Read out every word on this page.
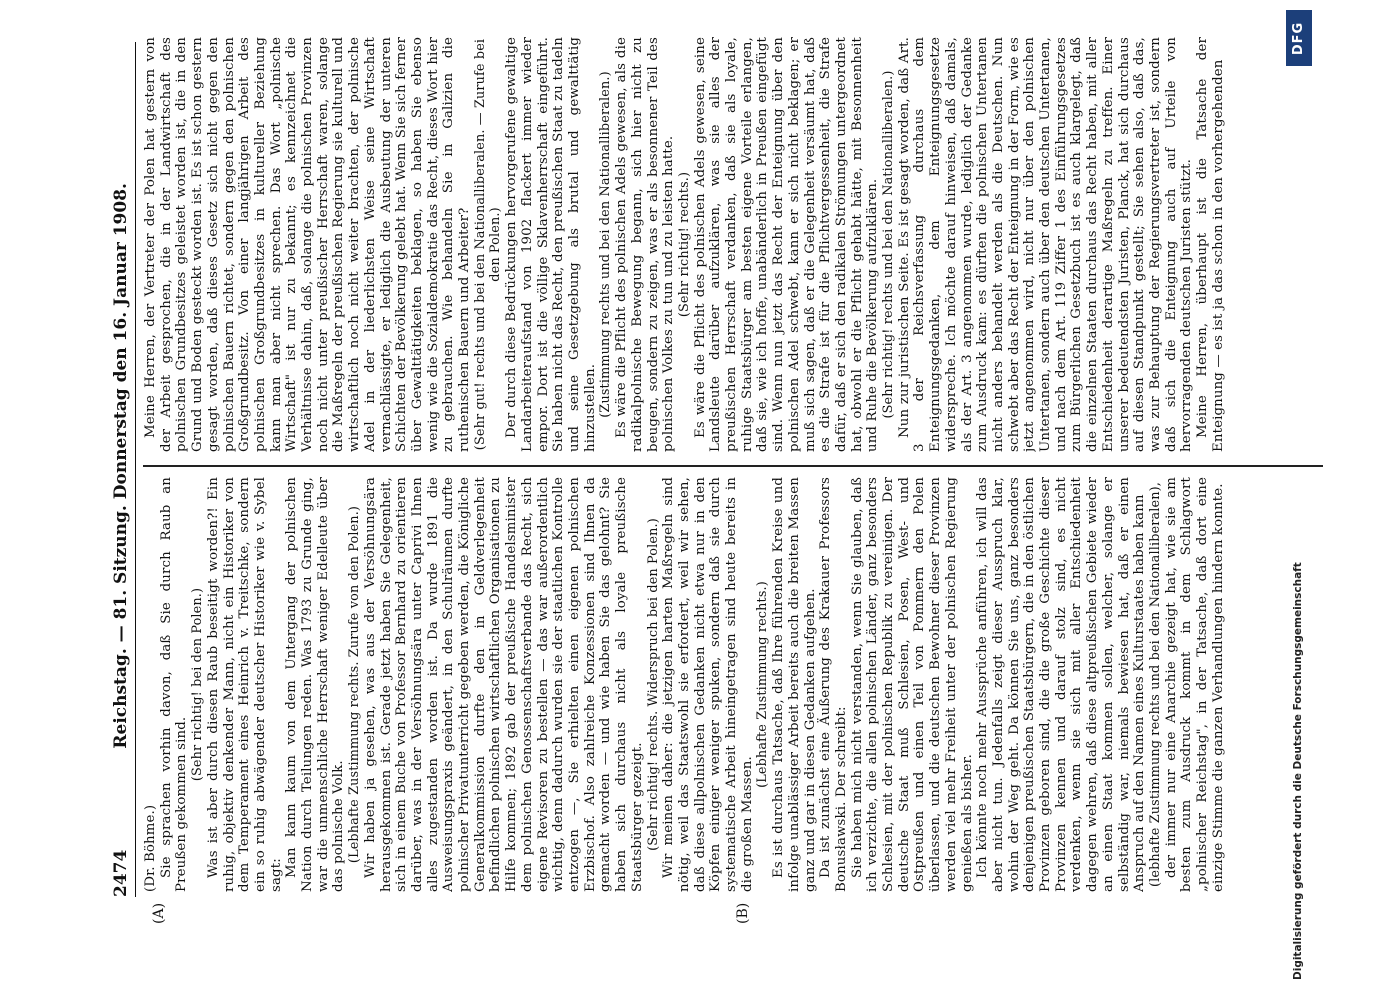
2474
Reichstag. — 81. Sitzung. Donnerstag den 16. Januar 1908.
(A)	(B)

(Dr. Böhme.) Sie sprachen vorhin davon, daß Sie durch Raub an Preußen gekommen sind.

(Sehr richtig! bei den Polen.) Was ist aber durch diesen Raub beseitigt worden?! Ein ruhig, objektiv denkender Mann, nicht ein Historiker von dem Temperament eines Heinrich v. Treitschke, sondern ein so ruhig abwägender deutscher Historiker wie v. Sybel sagt: Man kann kaum von dem Untergang der polnischen Nation durch Teilungen reden. Was 1793 zu Grunde ging, war die unmenschliche Herrschaft weniger Edelleute über das polnische Volk. (Lebhafte Zustimmung rechts. Zurufe von den Polen.) Wir haben ja gesehen, was aus der Versöhnungsära herausgekommen ist. Gerade jetzt haben Sie Gelegenheit, sich in einem Buche von Professor Bernhard zu orientieren darüber, was in der Versöhnungsära unter Caprivi Ihnen alles zugestanden worden ist. Da wurde 1891 die Ausweisungspraxis geändert, in den Schulräumen durfte polnischer Privatunterricht gegeben werden, die Königliche Generalkommission durfte den in Geldverlegenheit befindlichen polnischen wirtschaftlichen Organisationen zu Hilfe kommen; 1892 gab der preußische Handelsminister dem polnischen Genossenschaftsverbande das Recht, sich eigene Revisoren zu bestellen — das war außerordentlich wichtig, denn dadurch wurden sie der staatlichen Kontrolle entzogen —, Sie erhielten einen eigenen polnischen Erzbischof. Also zahlreiche Konzessionen sind Ihnen da gemacht worden — und wie haben Sie das gelohnt? Sie haben sich durchaus nicht als loyale preußische Staatsbürger gezeigt. (Sehr richtig! rechts. Widerspruch bei den Polen.) Wir meinen daher: die jetzigen harten Maßregeln sind nötig, weil das Staatswohl sie erfordert, weil wir sehen, daß diese allpolnischen Gedanken nicht etwa nur in den Köpfen einiger weniger spuken, sondern daß sie durch systematische Arbeit hineingetragen sind heute bereits in die großen Massen.

(Lebhafte Zustimmung rechts.) Es ist durchaus Tatsache, daß Ihre führenden Kreise und infolge unablässiger Arbeit bereits auch die breiten Massen ganz und gar in diesen Gedanken aufgehen. Da ist zunächst eine Äußerung des Krakauer Professors Bonusławski. Der schreibt: Sie haben mich nicht verstanden, wenn Sie glauben, daß ich verzichte, die allen polnischen Länder, ganz besonders Schlesien, mit der polnischen Republik zu vereinigen. Der deutsche Staat muß Schlesien, Posen, West- und Ostpreußen und einen Teil von Pommern den Polen überlassen, und die deutschen Bewohner dieser Provinzen werden viel mehr Freiheit unter der polnischen Regierung genießen als bisher. Ich könnte noch mehr Aussprüche anführen, ich will das aber nicht tun. Jedenfalls zeigt dieser Ausspruch klar, wohin der Weg geht. Da können Sie uns, ganz besonders denjenigen preußischen Staatsbürgern, die in den östlichen Provinzen geboren sind, die die große Geschichte dieser Provinzen kennen und darauf stolz sind, es nicht verdenken, wenn sie sich mit aller Entschiedenheit dagegen wehren, daß diese altpreußischen Gebiete wieder an einen Staat kommen sollen, welcher, solange er selbständig war, niemals bewiesen hat, daß er einen Anspruch auf den Namen eines Kulturstaates haben kann (lebhafte Zustimmung rechts und bei den Nationalliberalen), der immer nur eine Anarchie gezeigt hat, wie sie am besten zum Ausdruck kommt in dem Schlagwort „polnischer Reichstag", in der Tatsache, daß dort eine einzige Stimme die ganzen Verhandlungen hindern konnte.

Meine Herren, der Vertreter der Polen hat gestern von der Arbeit gesprochen, die in der Landwirtschaft des polnischen Grundbesitzes geleistet worden ist, die in den Grund und Boden gesteckt worden ist. Es ist schon gestern gesagt worden, daß dieses Gesetz sich nicht gegen den polnischen Bauern richtet, sondern gegen den polnischen Großgrundbesitz. Von einer langjährigen Arbeit des polnischen Großgrundbesitzes in kultureller Beziehung kann man aber nicht sprechen. Das Wort „polnische Wirtschaft" ist nur zu bekannt; es kennzeichnet die Verhältnisse dahin, daß, solange die polnischen Provinzen noch nicht unter preußischer Herrschaft waren, solange die Maßregeln der preußischen Regierung sie kulturell und wirtschaftlich noch nicht weiter brachten, der polnische Adel in der liederlichsten Weise seine Wirtschaft vernachlässigte, er lediglich die Ausbeutung der unteren Schichten der Bevölkerung gelebt hat. Wenn Sie sich ferner über Gewalttätigkeiten beklagen, so haben Sie ebenso wenig wie die Sozialdemokratie das Recht, dieses Wort hier zu gebrauchen. Wie behandeln Sie in Galizien die ruthenischen Bauern und Arbeiter? (Sehr gut! rechts und bei den Nationalliberalen. — Zurufe bei den Polen.) Der durch diese Bedrückungen hervorgerufene gewaltige Landarbeiteraufstand von 1902 flackert immer wieder empor. Dort ist die völlige Sklavenherrschaft eingeführt. Sie haben nicht das Recht, den preußischen Staat zu tadeln und seine Gesetzgebung als brutal und gewalttätig hinzustellen. (Zustimmung rechts und bei den Nationalliberalen.) Es wäre die Pflicht des polnischen Adels gewesen, als die radikalpolnische Bewegung begann, sich hier nicht zu beugen, sondern zu zeigen, was er als besonnener Teil des polnischen Volkes zu tun und zu leisten hatte. (Sehr richtig! rechts.) Es wäre die Pflicht des polnischen Adels gewesen, seine Landsleute darüber aufzuklären, was sie alles der preußischen Herrschaft verdanken, daß sie als loyale, ruhige Staatsbürger am besten eigene Vorteile erlangen, daß sie, wie ich hoffe, unabänderlich in Preußen eingefügt sind. Wenn nun jetzt das Recht der Enteignung über den polnischen Adel schwebt, kann er sich nicht beklagen; er muß sich sagen, daß er die Gelegenheit versäumt hat, daß es die Strafe ist für die Pflichtvergessenheit, die Strafe dafür, daß er sich den radikalen Strömungen untergeordnet hat, obwohl er die Pflicht gehabt hätte, mit Besonnenheit und Ruhe die Bevölkerung aufzuklären. (Sehr richtig! rechts und bei den Nationalliberalen.) Nun zur juristischen Seite. Es ist gesagt worden, daß Art. 3 der Reichsverfassung durchaus dem Enteignungsgedanken, dem Enteignungsgesetze widerspreche. Ich möchte darauf hinweisen, daß damals, als der Art. 3 angenommen wurde, lediglich der Gedanke zum Ausdruck kam: es dürften die polnischen Untertanen nicht anders behandelt werden als die Deutschen. Nun schwebt aber das Recht der Enteignung in der Form, wie es jetzt angenommen wird, nicht nur über den polnischen Untertanen, sondern auch über den deutschen Untertanen, und nach dem Art. 119 Ziffer 1 des Einführungsgesetzes zum Bürgerlichen Gesetzbuch ist es auch klargelegt, daß die einzelnen Staaten durchaus das Recht haben, mit aller Entschiedenheit derartige Maßregeln zu treffen. Einer unserer bedeutendsten Juristen, Planck, hat sich durchaus auf diesen Standpunkt gestellt; Sie sehen also, daß das, was zur Behauptung der Regierungsvertreter ist, sondern daß sich die Enteignung auch auf Urteile von hervorragenden deutschen Juristen stützt. Meine Herren, überhaupt ist die Tatsache der Enteignung — es ist ja das schon in den vorhergehenden

DFG
Digitalisierung gefördert durch die Deutsche Forschungsgemeinschaft
